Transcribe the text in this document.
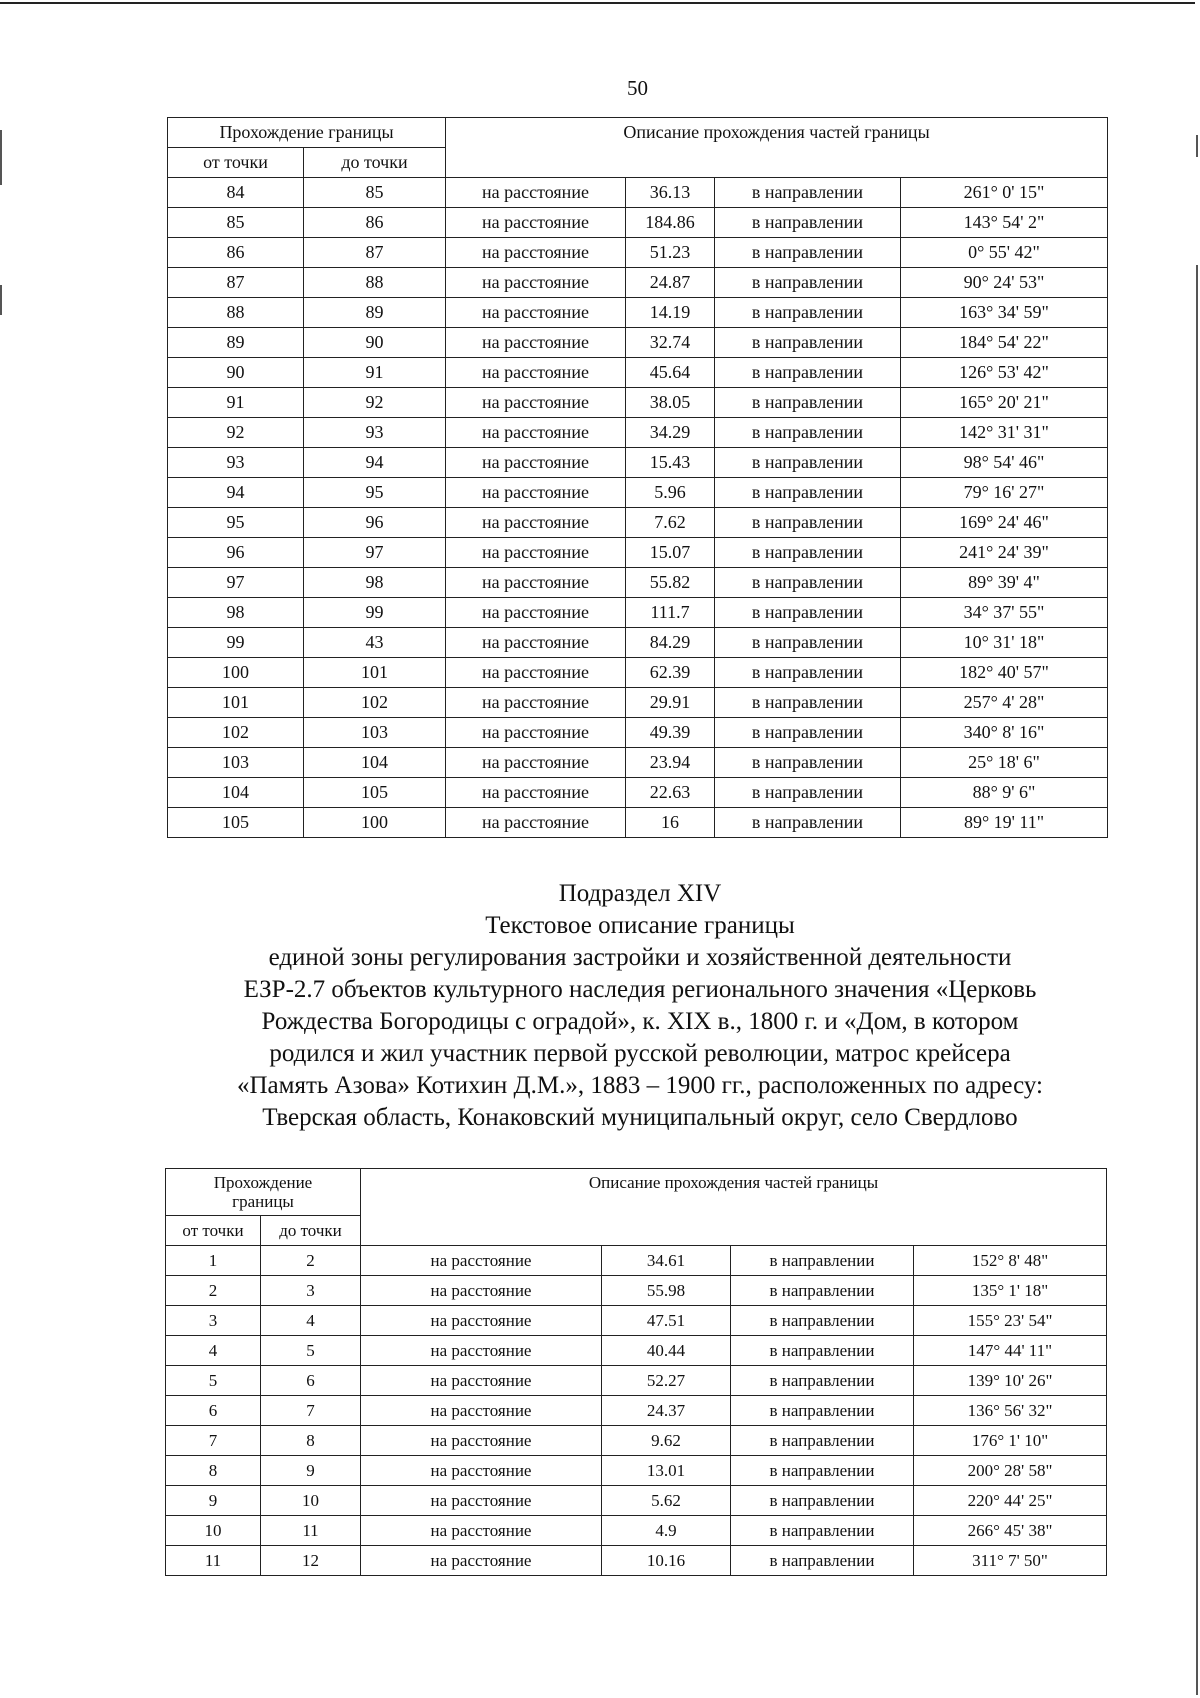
50
Прохождение границы		Описание прохождения частей границы			
от точки	до точки				
84	85	на расстояние	36.13	в направлении	261° 0' 15"
85	86	на расстояние	184.86	в направлении	143° 54' 2"
86	87	на расстояние	51.23	в направлении	0° 55' 42"
87	88	на расстояние	24.87	в направлении	90° 24' 53"
88	89	на расстояние	14.19	в направлении	163° 34' 59"
89	90	на расстояние	32.74	в направлении	184° 54' 22"
90	91	на расстояние	45.64	в направлении	126° 53' 42"
91	92	на расстояние	38.05	в направлении	165° 20' 21"
92	93	на расстояние	34.29	в направлении	142° 31' 31"
93	94	на расстояние	15.43	в направлении	98° 54' 46"
94	95	на расстояние	5.96	в направлении	79° 16' 27"
95	96	на расстояние	7.62	в направлении	169° 24' 46"
96	97	на расстояние	15.07	в направлении	241° 24' 39"
97	98	на расстояние	55.82	в направлении	89° 39' 4"
98	99	на расстояние	111.7	в направлении	34° 37' 55"
99	43	на расстояние	84.29	в направлении	10° 31' 18"
100	101	на расстояние	62.39	в направлении	182° 40' 57"
101	102	на расстояние	29.91	в направлении	257° 4' 28"
102	103	на расстояние	49.39	в направлении	340° 8' 16"
103	104	на расстояние	23.94	в направлении	25° 18' 6"
104	105	на расстояние	22.63	в направлении	88° 9' 6"
105	100	на расстояние	16	в направлении	89° 19' 11"
Подраздел XIV
Текстовое описание границы
единой зоны регулирования застройки и хозяйственной деятельности
ЕЗР-2.7 объектов культурного наследия регионального значения «Церковь
Рождества Богородицы с оградой», к. XIX в., 1800 г. и «Дом, в котором
родился и жил участник первой русской революции, матрос крейсера
«Память Азова» Котихин Д.М.», 1883 – 1900 гг., расположенных по адресу:
Тверская область, Конаковский муниципальный округ, село Свердлово
Прохождение
границы		Описание прохождения частей границы			
от точки	до точки				
1	2	на расстояние	34.61	в направлении	152° 8' 48"
2	3	на расстояние	55.98	в направлении	135° 1' 18"
3	4	на расстояние	47.51	в направлении	155° 23' 54"
4	5	на расстояние	40.44	в направлении	147° 44' 11"
5	6	на расстояние	52.27	в направлении	139° 10' 26"
6	7	на расстояние	24.37	в направлении	136° 56' 32"
7	8	на расстояние	9.62	в направлении	176° 1' 10"
8	9	на расстояние	13.01	в направлении	200° 28' 58"
9	10	на расстояние	5.62	в направлении	220° 44' 25"
10	11	на расстояние	4.9	в направлении	266° 45' 38"
11	12	на расстояние	10.16	в направлении	311° 7' 50"
